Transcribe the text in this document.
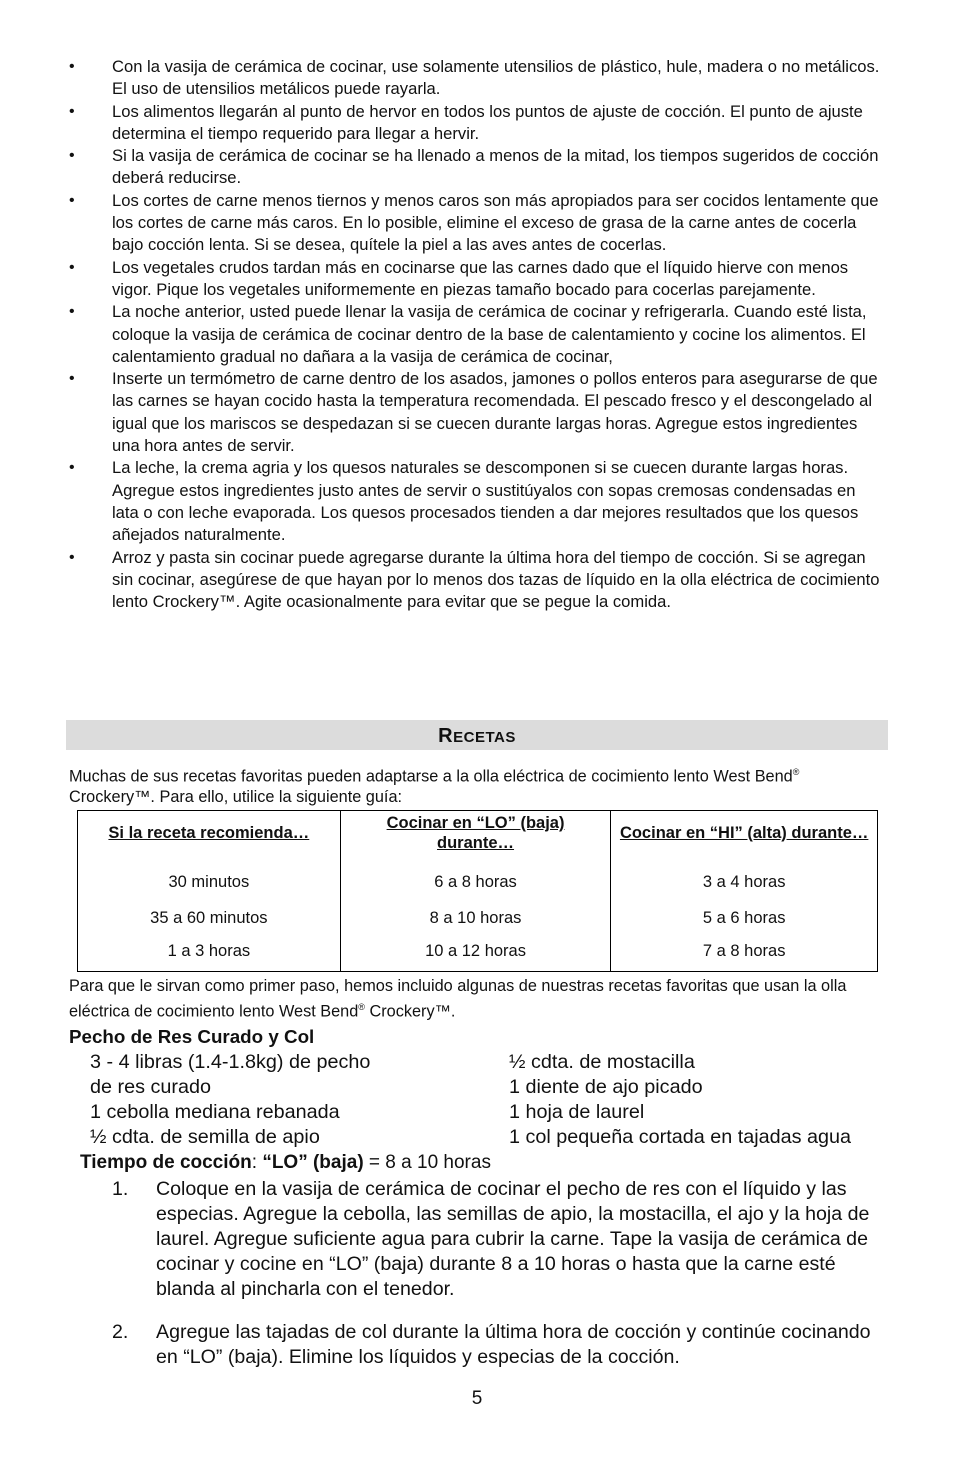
• Con la vasija de cerámica de cocinar, use solamente utensilios de plástico, hule, madera o no metálicos. El uso de utensilios metálicos puede rayarla.
• Los alimentos llegarán al punto de hervor en todos los puntos de ajuste de cocción. El punto de ajuste determina el tiempo requerido para llegar a hervir.
• Si la vasija de cerámica de cocinar se ha llenado a menos de la mitad, los tiempos sugeridos de cocción deberá reducirse.
• Los cortes de carne menos tiernos y menos caros son más apropiados para ser cocidos lentamente que los cortes de carne más caros. En lo posible, elimine el exceso de grasa de la carne antes de cocerla bajo cocción lenta. Si se desea, quítele la piel a las aves antes de cocerlas.
• Los vegetales crudos tardan más en cocinarse que las carnes dado que el líquido hierve con menos vigor. Pique los vegetales uniformemente en piezas tamaño bocado para cocerlas parejamente.
• La noche anterior, usted puede llenar la vasija de cerámica de cocinar y refrigerarla. Cuando esté lista, coloque la vasija de cerámica de cocinar dentro de la base de calentamiento y cocine los alimentos. El calentamiento gradual no dañara a la vasija de cerámica de cocinar,
• Inserte un termómetro de carne dentro de los asados, jamones o pollos enteros para asegurarse de que las carnes se hayan cocido hasta la temperatura recomendada. El pescado fresco y el descongelado al igual que los mariscos se despedazan si se cuecen durante largas horas. Agregue estos ingredientes una hora antes de servir.
• La leche, la crema agria y los quesos naturales se descomponen si se cuecen durante largas horas. Agregue estos ingredientes justo antes de servir o sustitúyalos con sopas cremosas condensadas en lata o con leche evaporada. Los quesos procesados tienden a dar mejores resultados que los quesos añejados naturalmente.
• Arroz y pasta sin cocinar puede agregarse durante la última hora del tiempo de cocción. Si se agregan sin cocinar, asegúrese de que hayan por lo menos dos tazas de líquido en la olla eléctrica de cocimiento lento Crockery™. Agite ocasionalmente para evitar que se pegue la comida.
RECETAS
Muchas de sus recetas favoritas pueden adaptarse a la olla eléctrica de cocimiento lento West Bend® Crockery™. Para ello, utilice la siguiente guía:
Si la receta recomienda…	Cocinar en “LO” (baja) durante…	Cocinar en “HI” (alta) durante…
30 minutos	6 a 8 horas	3 a 4 horas
35 a 60 minutos	8 a 10 horas	5 a 6 horas
1 a 3 horas	10 a 12 horas	7 a 8 horas
Para que le sirvan como primer paso, hemos incluido algunas de nuestras recetas favoritas que usan la olla eléctrica de cocimiento lento West Bend® Crockery™.
Pecho de Res Curado y Col
3 - 4 libras (1.4-1.8kg) de pecho
de res curado
1 cebolla mediana rebanada
½ cdta. de semilla de apio
½ cdta. de mostacilla
1 diente de ajo picado
1 hoja de laurel
1 col pequeña cortada en tajadas agua
Tiempo de cocción: “LO” (baja) = 8 a 10 horas
1. Coloque en la vasija de cerámica de cocinar el pecho de res con el líquido y las especias. Agregue la cebolla, las semillas de apio, la mostacilla, el ajo y la hoja de laurel. Agregue suficiente agua para cubrir la carne. Tape la vasija de cerámica de cocinar y cocine en “LO” (baja) durante 8 a 10 horas o hasta que la carne esté blanda al pincharla con el tenedor.
2. Agregue las tajadas de col durante la última hora de cocción y continúe cocinando en “LO” (baja). Elimine los líquidos y especias de la cocción.
5
